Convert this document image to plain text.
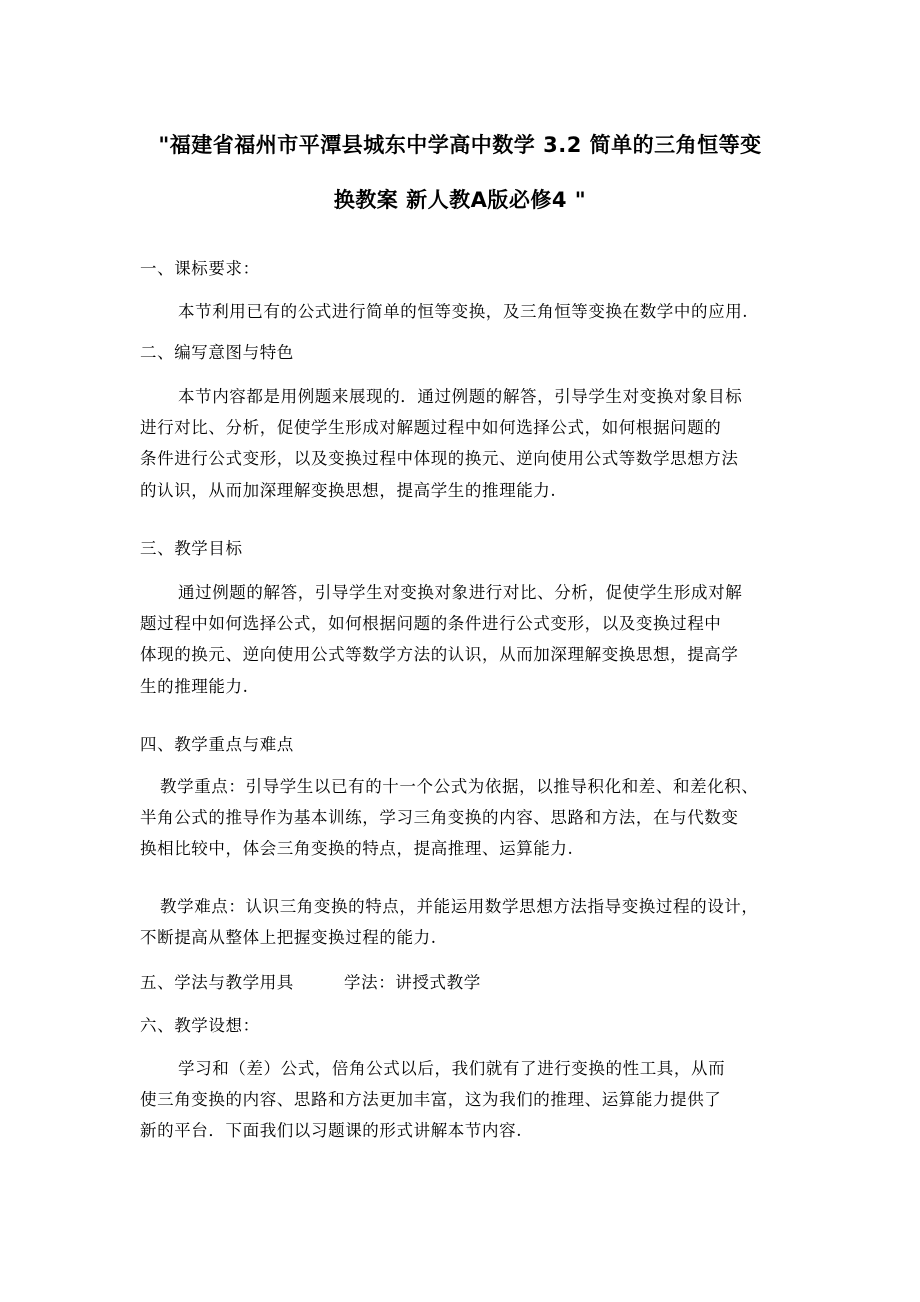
"福建省福州市平潭县城东中学高中数学 3.2 简单的三角恒等变
换教案 新人教A版必修4 "
一、课标要求：
本节利用已有的公式进行简单的恒等变换，及三角恒等变换在数学中的应用.
二、编写意图与特色
本节内容都是用例题来展现的．通过例题的解答，引导学生对变换对象目标
进行对比、分析，促使学生形成对解题过程中如何选择公式，如何根据问题的
条件进行公式变形，以及变换过程中体现的换元、逆向使用公式等数学思想方法
的认识，从而加深理解变换思想，提高学生的推理能力.
三、教学目标
通过例题的解答，引导学生对变换对象进行对比、分析，促使学生形成对解
题过程中如何选择公式，如何根据问题的条件进行公式变形，以及变换过程中
体现的换元、逆向使用公式等数学方法的认识，从而加深理解变换思想，提高学
生的推理能力.
四、教学重点与难点
教学重点：引导学生以已有的十一个公式为依据，以推导积化和差、和差化积、
半角公式的推导作为基本训练，学习三角变换的内容、思路和方法，在与代数变
换相比较中，体会三角变换的特点，提高推理、运算能力.
教学难点：认识三角变换的特点，并能运用数学思想方法指导变换过程的设计，
不断提高从整体上把握变换过程的能力.
五、学法与教学用具	学法：讲授式教学
六、教学设想：
学习和（差）公式，倍角公式以后，我们就有了进行变换的性工具，从而
使三角变换的内容、思路和方法更加丰富，这为我们的推理、运算能力提供了
新的平台．下面我们以习题课的形式讲解本节内容.
